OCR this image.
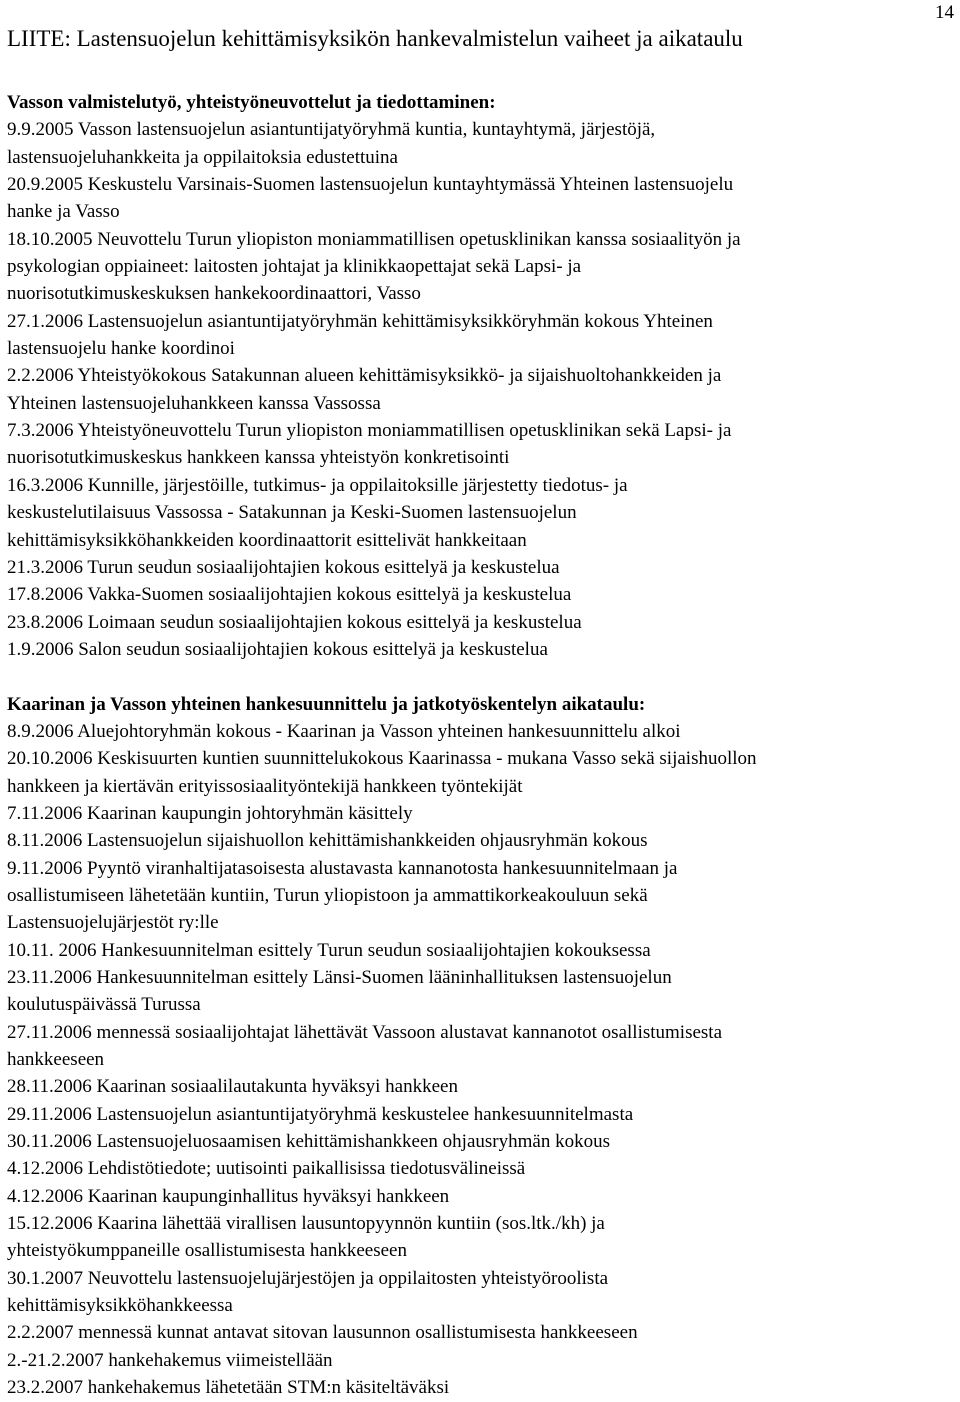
14
LIITE: Lastensuojelun kehittämisyksikön hankevalmistelun vaiheet ja aikataulu

Vasson valmistelutyö, yhteistyöneuvottelut ja tiedottaminen:

9.9.2005 Vasson lastensuojelun asiantuntijatyöryhmä kuntia, kuntayhtymä, järjestöjä,
lastensuojeluhankkeita ja oppilaitoksia edustettuina

20.9.2005 Keskustelu Varsinais-Suomen lastensuojelun kuntayhtymässä Yhteinen lastensuojelu
hanke ja Vasso

18.10.2005 Neuvottelu Turun yliopiston moniammatillisen opetusklinikan kanssa sosiaalityön ja
psykologian oppiaineet: laitosten johtajat ja klinikkaopettajat sekä Lapsi- ja
nuorisotutkimuskeskuksen hankekoordinaattori, Vasso

27.1.2006 Lastensuojelun asiantuntijatyöryhmän kehittämisyksikköryhmän kokous Yhteinen
lastensuojelu hanke koordinoi

2.2.2006 Yhteistyökokous Satakunnan alueen kehittämisyksikkö- ja sijaishuoltohankkeiden ja
Yhteinen lastensuojeluhankkeen kanssa Vassossa

7.3.2006 Yhteistyöneuvottelu Turun yliopiston moniammatillisen opetusklinikan sekä Lapsi- ja
nuorisotutkimuskeskus hankkeen kanssa yhteistyön konkretisointi

16.3.2006 Kunnille, järjestöille, tutkimus- ja oppilaitoksille järjestetty tiedotus- ja
keskustelutilaisuus Vassossa - Satakunnan ja Keski-Suomen lastensuojelun
kehittämisyksikköhankkeiden koordinaattorit esittelivät hankkeitaan

21.3.2006 Turun seudun sosiaalijohtajien kokous esittelyä ja keskustelua

17.8.2006 Vakka-Suomen sosiaalijohtajien kokous esittelyä ja keskustelua

23.8.2006 Loimaan seudun sosiaalijohtajien kokous esittelyä ja keskustelua

1.9.2006 Salon seudun sosiaalijohtajien kokous esittelyä ja keskustelua

Kaarinan ja Vasson yhteinen hankesuunnittelu ja jatkotyöskentelyn aikataulu:

8.9.2006 Aluejohtoryhmän kokous - Kaarinan ja Vasson yhteinen hankesuunnittelu alkoi

20.10.2006 Keskisuurten kuntien suunnittelukokous Kaarinassa - mukana Vasso sekä sijaishuollon
hankkeen ja kiertävän erityissosiaalityöntekijä hankkeen työntekijät

7.11.2006 Kaarinan kaupungin johtoryhmän käsittely

8.11.2006 Lastensuojelun sijaishuollon kehittämishankkeiden ohjausryhmän kokous

9.11.2006 Pyyntö viranhaltijatasoisesta alustavasta kannanotosta hankesuunnitelmaan ja
osallistumiseen lähetetään kuntiin, Turun yliopistoon ja ammattikorkeakouluun sekä
Lastensuojelujärjestöt ry:lle

10.11. 2006 Hankesuunnitelman esittely Turun seudun sosiaalijohtajien kokouksessa

23.11.2006 Hankesuunnitelman esittely Länsi-Suomen lääninhallituksen lastensuojelun
koulutuspäivässä Turussa

27.11.2006 mennessä sosiaalijohtajat lähettävät Vassoon alustavat kannanotot osallistumisesta
hankkeeseen

28.11.2006 Kaarinan sosiaalilautakunta hyväksyi hankkeen

29.11.2006 Lastensuojelun asiantuntijatyöryhmä keskustelee hankesuunnitelmasta

30.11.2006 Lastensuojeluosaamisen kehittämishankkeen ohjausryhmän kokous

4.12.2006 Lehdistötiedote; uutisointi paikallisissa tiedotusvälineissä

4.12.2006 Kaarinan kaupunginhallitus hyväksyi hankkeen

15.12.2006 Kaarina lähettää virallisen lausuntopyynnön kuntiin (sos.ltk./kh) ja
yhteistyökumppaneille osallistumisesta hankkeeseen

30.1.2007 Neuvottelu lastensuojelujärjestöjen ja oppilaitosten yhteistyöroolista
kehittämisyksikköhankkeessa

2.2.2007 mennessä kunnat antavat sitovan lausunnon osallistumisesta hankkeeseen

2.-21.2.2007 hankehakemus viimeistellään

23.2.2007 hankehakemus lähetetään STM:n käsiteltäväksi
